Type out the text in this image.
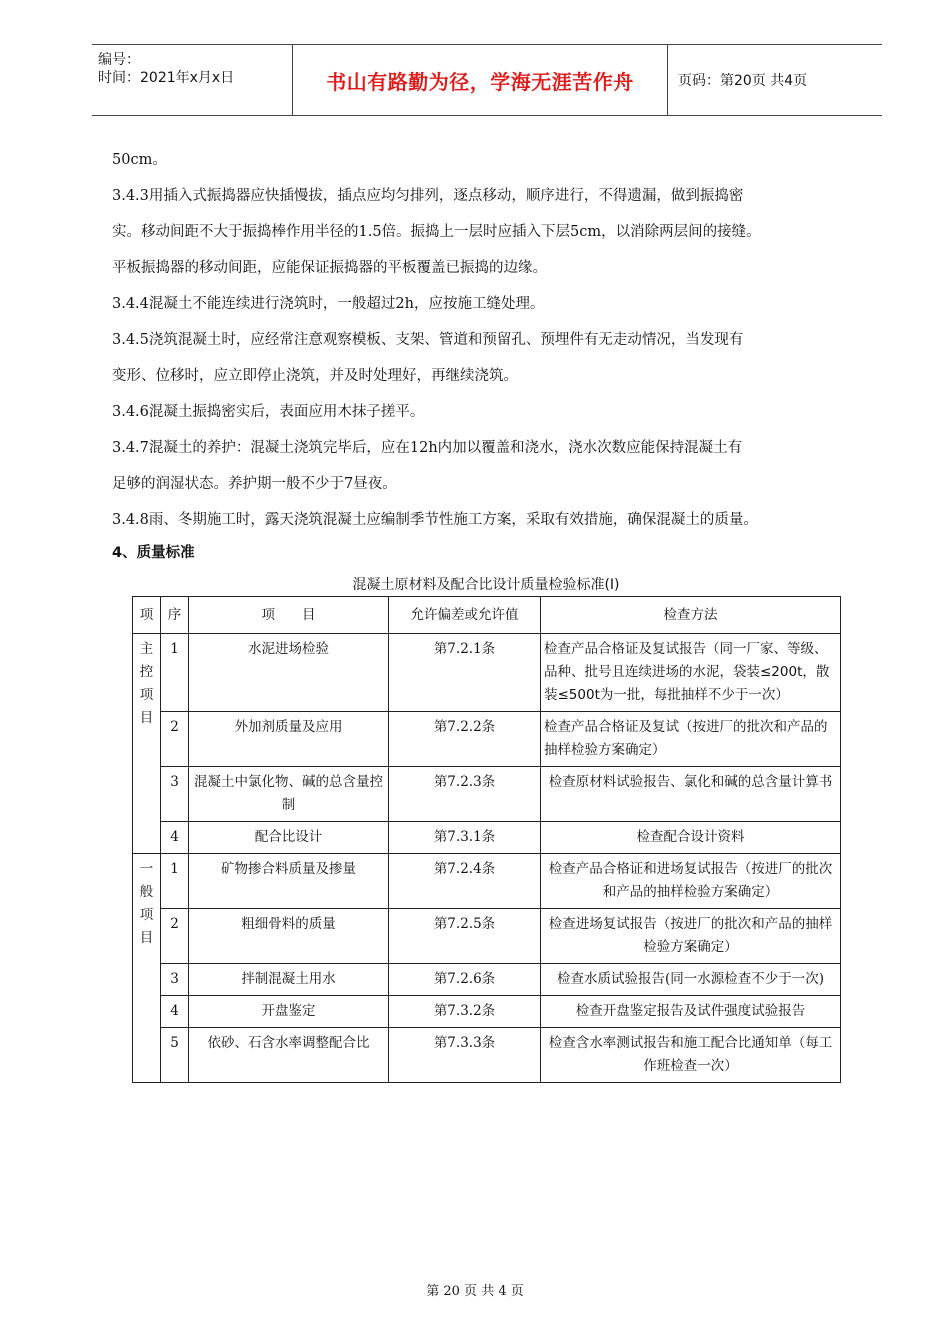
编号：
时间：2021年x月x日	书山有路勤为径，学海无涯苦作舟	页码：第20页 共4页
50cm。
3.4.3用插入式振捣器应快插慢拔，插点应均匀排列，逐点移动，顺序进行，不得遗漏，做到振捣密
实。移动间距不大于振捣棒作用半径的1.5倍。振捣上一层时应插入下层5cm，以消除两层间的接缝。
平板振捣器的移动间距，应能保证振捣器的平板覆盖已振捣的边缘。
3.4.4混凝土不能连续进行浇筑时，一般超过2h，应按施工缝处理。
3.4.5浇筑混凝土时，应经常注意观察模板、支架、管道和预留孔、预埋件有无走动情况，当发现有
变形、位移时，应立即停止浇筑，并及时处理好，再继续浇筑。
3.4.6混凝土振捣密实后，表面应用木抹子搓平。
3.4.7混凝土的养护：混凝土浇筑完毕后，应在12h内加以覆盖和浇水，浇水次数应能保持混凝土有
足够的润湿状态。养护期一般不少于7昼夜。
3.4.8雨、冬期施工时，露天浇筑混凝土应编制季节性施工方案，采取有效措施，确保混凝土的质量。
4、质量标准
混凝土原材料及配合比设计质量检验标准(I)
项	序	项　　目	允许偏差或允许值	检查方法
主控项目	1	水泥进场检验	第7.2.1条	检查产品合格证及复试报告（同一厂家、等级、品种、批号且连续进场的水泥，袋装≤200t，散装≤500t为一批，每批抽样不少于一次）
	2	外加剂质量及应用	第7.2.2条	检查产品合格证及复试（按进厂的批次和产品的抽样检验方案确定）
	3	混凝土中氯化物、碱的总含量控制	第7.2.3条	检查原材料试验报告、氯化和碱的总含量计算书
	4	配合比设计	第7.3.1条	检查配合设计资料
一般项目	1	矿物掺合料质量及掺量	第7.2.4条	检查产品合格证和进场复试报告（按进厂的批次和产品的抽样检验方案确定）
	2	粗细骨料的质量	第7.2.5条	检查进场复试报告（按进厂的批次和产品的抽样检验方案确定）
	3	拌制混凝土用水	第7.2.6条	检查水质试验报告(同一水源检查不少于一次)
	4	开盘鉴定	第7.3.2条	检查开盘鉴定报告及试件强度试验报告
	5	依砂、石含水率调整配合比	第7.3.3条	检查含水率测试报告和施工配合比通知单（每工作班检查一次）
第 20 页 共 4 页
